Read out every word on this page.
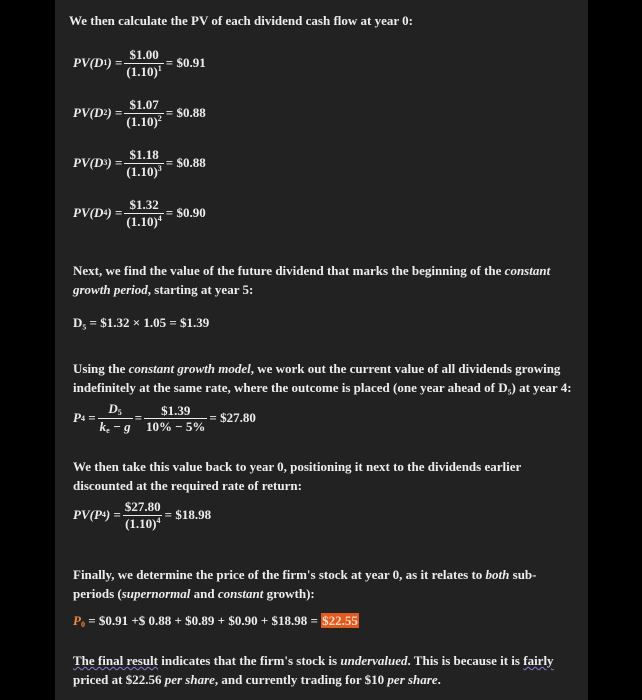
We then calculate the PV of each dividend cash flow at year 0:
PV(D 1 ) = $\frac{\$1.00}{(1.10)^1}$ = $0.91
PV(D 2 ) = $\frac{\$1.07}{(1.10)^2}$ = $0.88
PV(D 3 ) = $\frac{\$1.18}{(1.10)^3}$ = $0.88
PV(D 4 ) = $\frac{\$1.32}{(1.10)^4}$ = $0.90
Next, we find the value of the future dividend that marks the beginning of the constant growth period, starting at year 5:
D₅ = $1.32 × 1.05 = $1.39
Using the constant growth model, we work out the current value of all dividends growing indefinitely at the same rate, where the outcome is placed (one year ahead of D₅) at year 4:
P $4 = \frac{D_5}{k_e - g} = \frac{\$1.39}{10\% - 5\%}$ = $27.80
We then take this value back to year 0, positioning it next to the dividends earlier discounted at the required rate of return:
PV(P 4 ) = $\frac{\$27.80}{(1.10)^4}$ = $18.98
Finally, we determine the price of the firm's stock at year 0, as it relates to both sub-periods (supernormal and constant growth):
$P_0$ = $0.91 +$ 0.88 + $0.89 + $0.90 + $18.98 = $22.55
The final result indicates that the firm's stock is undervalued. This is because it is fairly priced at $22.56 per share, and currently trading for $10 per share.
